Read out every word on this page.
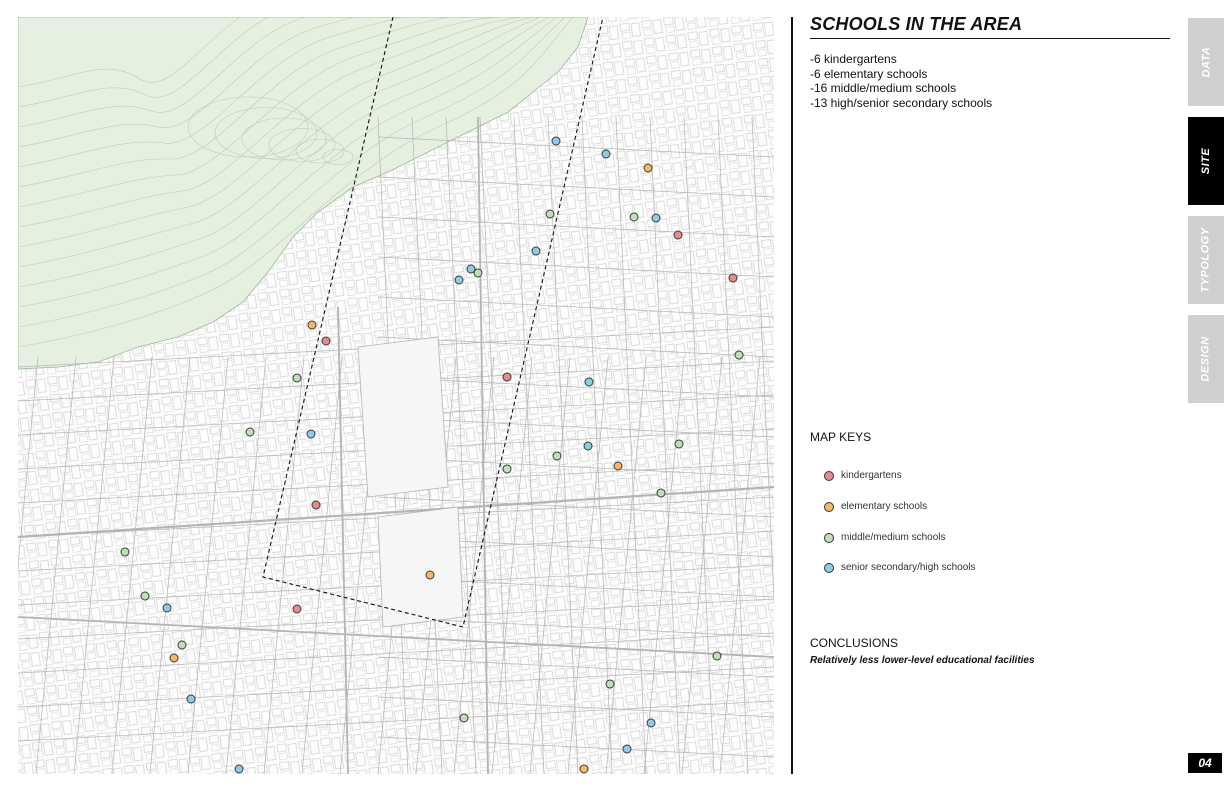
SCHOOLS IN THE AREA
-6 kindergartens
-6 elementary schools
-16 middle/medium schools
-13 high/senior secondary schools
MAP KEYS
kindergartens
elementary schools
middle/medium schools
senior secondary/high schools
CONCLUSIONS
Relatively less lower-level educational facilities
DATA
SITE
TYPOLOGY
DESIGN
04
